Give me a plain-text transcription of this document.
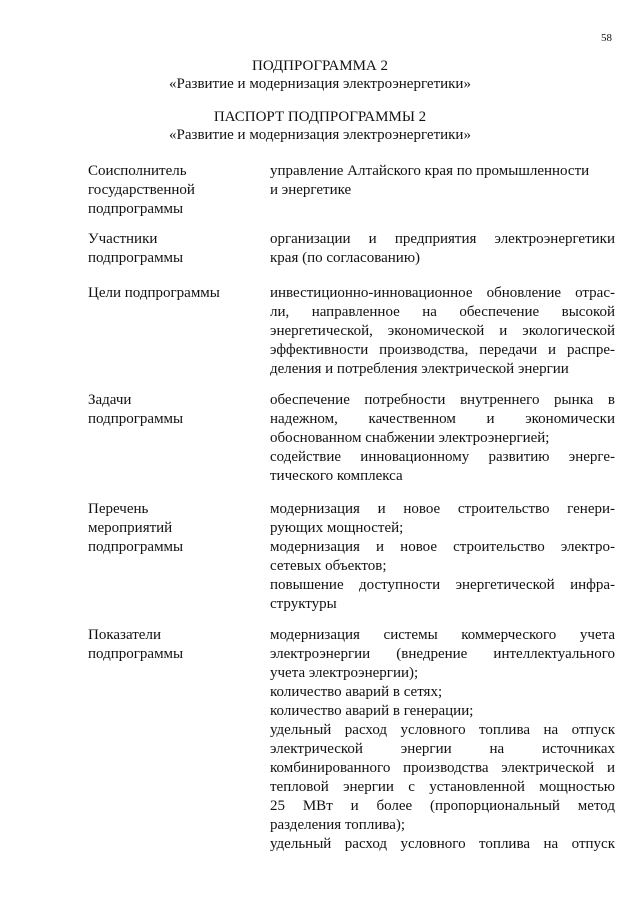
58
ПОДПРОГРАММА 2
«Развитие и модернизация электроэнергетики»
ПАСПОРТ ПОДПРОГРАММЫ 2
«Развитие и модернизация электроэнергетики»
Соисполнитель
государственной
подпрограммы
управление Алтайского края по промышленности
и энергетике
Участники
подпрограммы
организации и предприятия электроэнергетики
края (по согласованию)
Цели подпрограммы	инвестиционно-инновационное обновление отрас-
ли, направленное на обеспечение высокой
энергетической, экономической и экологической
эффективности производства, передачи и распре-
деления и потребления электрической энергии
Задачи
подпрограммы
обеспечение потребности внутреннего рынка в
надежном, качественном и экономически
обоснованном снабжении электроэнергией;
содействие инновационному развитию энерге-
тического комплекса
Перечень
мероприятий
подпрограммы
модернизация и новое строительство генери-
рующих мощностей;
модернизация и новое строительство электро-
сетевых объектов;
повышение доступности энергетической инфра-
структуры
Показатели
подпрограммы
модернизация системы коммерческого учета
электроэнергии (внедрение интеллектуального
учета электроэнергии);
количество аварий в сетях;
количество аварий в генерации;
удельный расход условного топлива на отпуск
электрической энергии на источниках
комбинированного производства электрической и
тепловой энергии с установленной мощностью
25 МВт и более (пропорциональный метод
разделения топлива);
удельный расход условного топлива на отпуск
